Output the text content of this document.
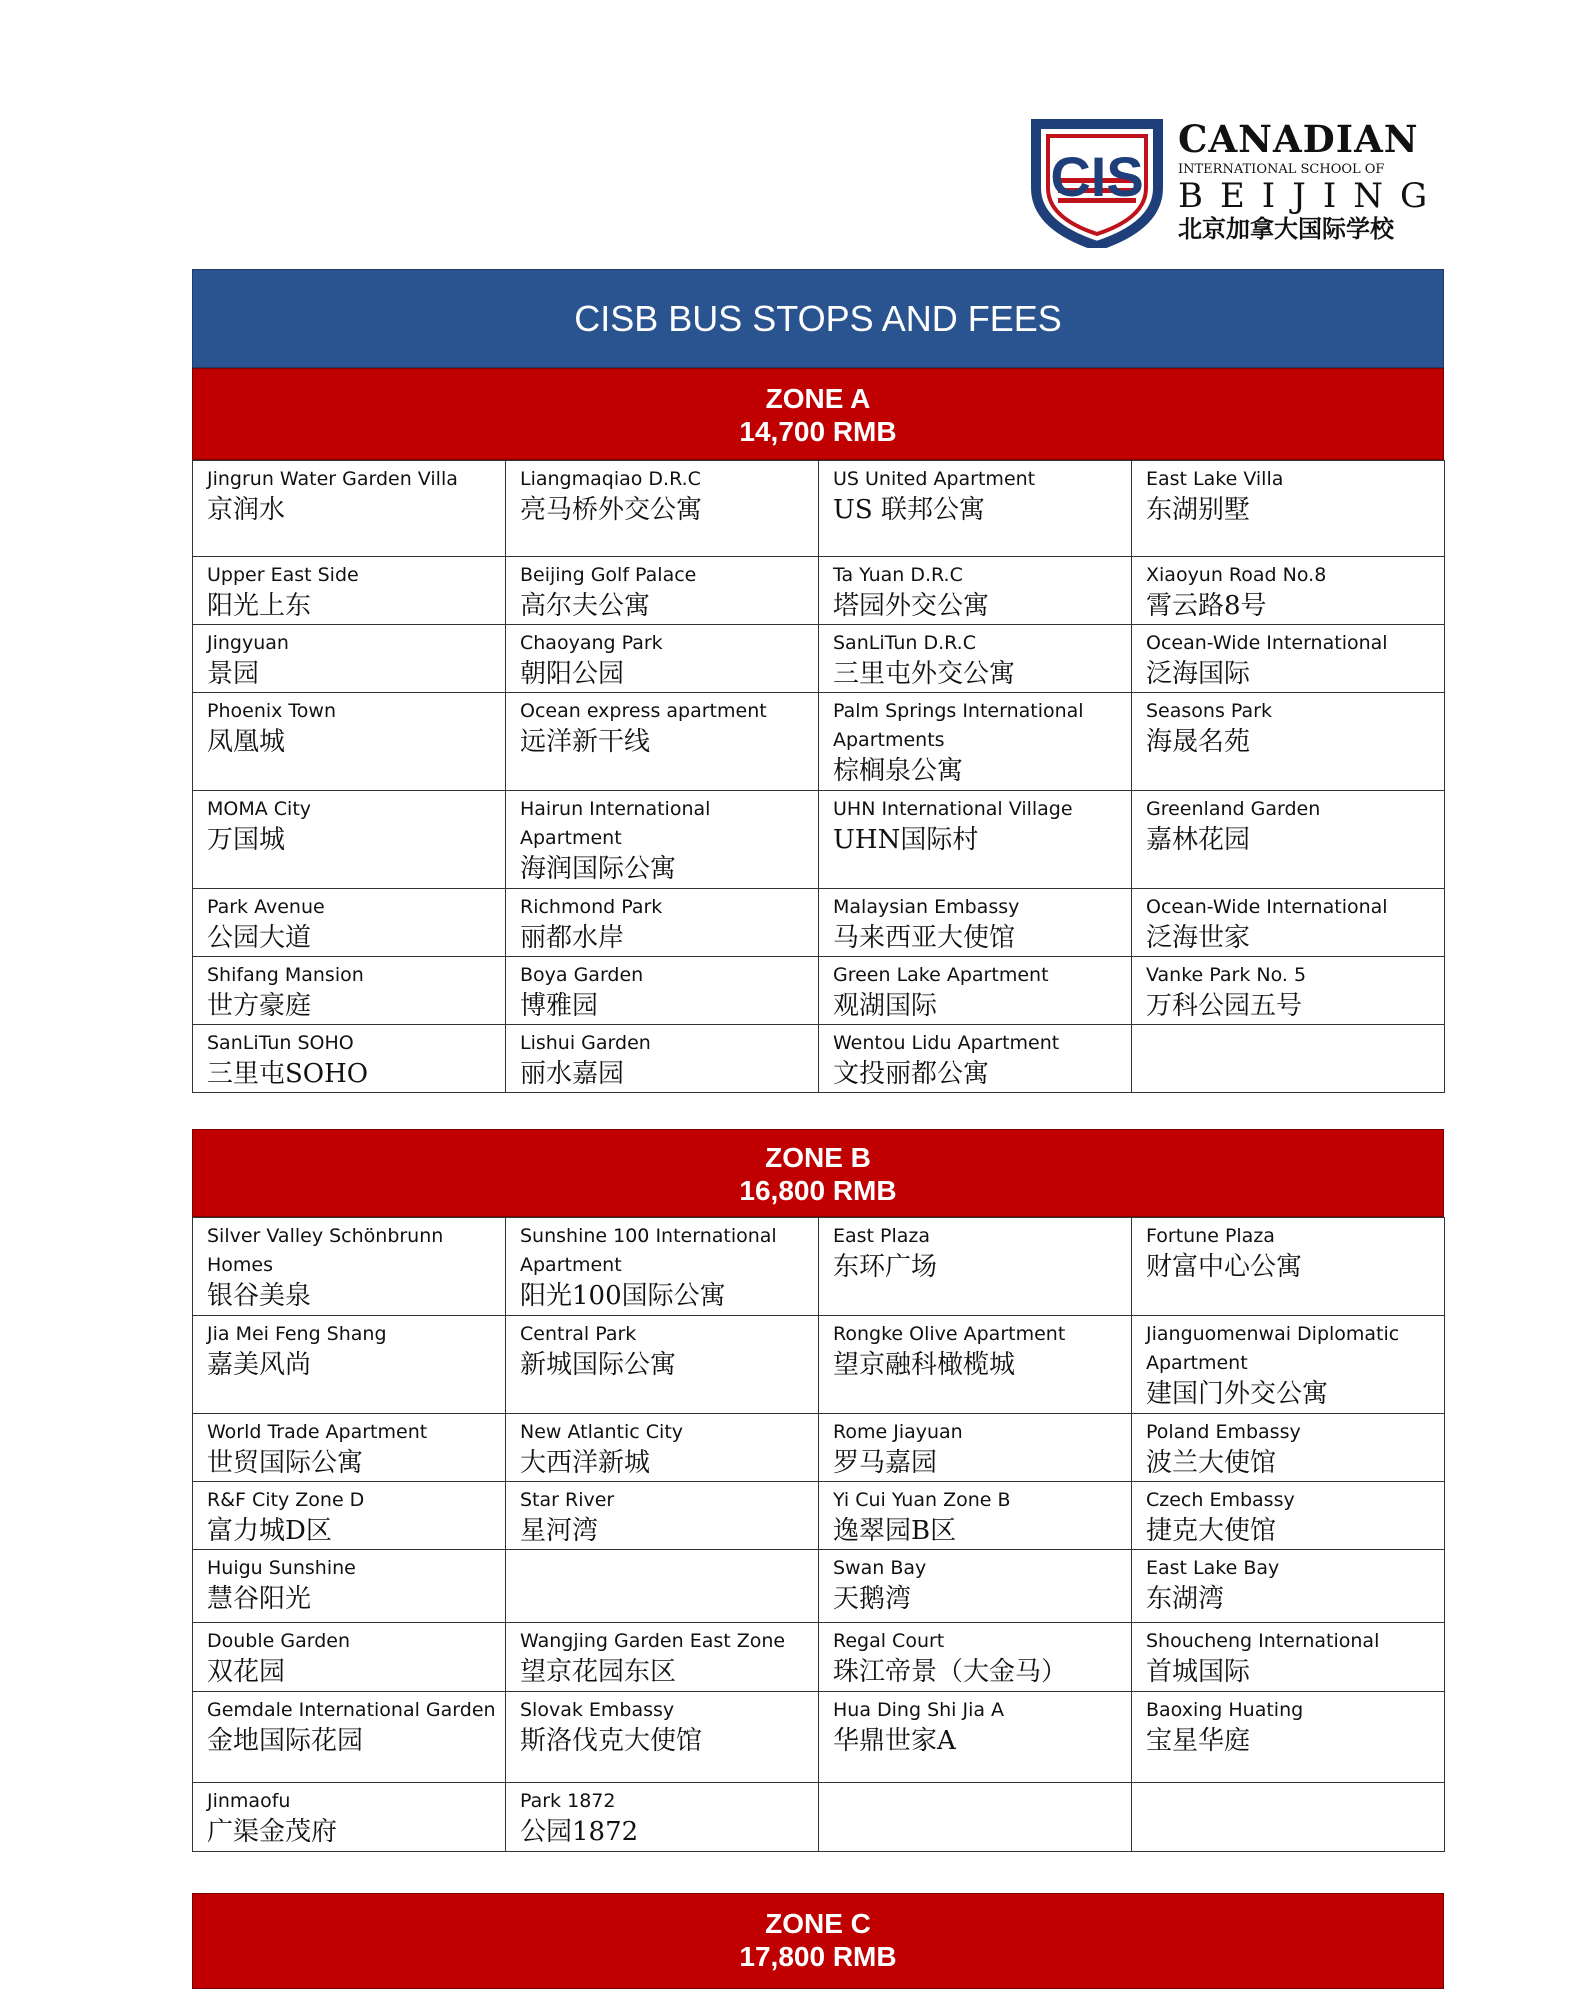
CIS
CANADIAN
INTERNATIONAL SCHOOL OF
BEIJING
北京加拿大国际学校
CISB BUS STOPS AND FEES
ZONE A
14,700 RMB
Jingrun Water Garden Villa
京润水	Liangmaqiao D.R.C
亮马桥外交公寓	US United Apartment
US 联邦公寓	East Lake Villa
东湖别墅

Upper East Side
阳光上东	Beijing Golf Palace
高尔夫公寓	Ta Yuan D.R.C
塔园外交公寓	Xiaoyun Road No.8
霄云路8号

Jingyuan
景园	Chaoyang Park
朝阳公园	SanLiTun D.R.C
三里屯外交公寓	Ocean-Wide International
泛海国际

Phoenix Town
凤凰城	Ocean express apartment
远洋新干线	Palm Springs International Apartments
棕榈泉公寓	Seasons Park
海晟名苑

MOMA City
万国城	Hairun International Apartment
海润国际公寓	UHN International Village
UHN国际村	Greenland Garden
嘉林花园

Park Avenue
公园大道	Richmond Park
丽都水岸	Malaysian Embassy
马来西亚大使馆	Ocean-Wide International
泛海世家

Shifang Mansion
世方豪庭	Boya Garden
博雅园	Green Lake Apartment
观湖国际	Vanke Park No. 5
万科公园五号

SanLiTun SOHO
三里屯SOHO	Lishui Garden
丽水嘉园	Wentou Lidu Apartment
文投丽都公寓	

ZONE B
16,800 RMB
Silver Valley Schönbrunn Homes
银谷美泉	Sunshine 100 International Apartment
阳光100国际公寓	East Plaza
东环广场	Fortune Plaza
财富中心公寓

Jia Mei Feng Shang
嘉美风尚	Central Park
新城国际公寓	Rongke Olive Apartment
望京融科橄榄城	Jianguomenwai Diplomatic Apartment
建国门外交公寓

World Trade Apartment
世贸国际公寓	New Atlantic City
大西洋新城	Rome Jiayuan
罗马嘉园	Poland Embassy
波兰大使馆

R&F City Zone D
富力城D区	Star River
星河湾	Yi Cui Yuan Zone B
逸翠园B区	Czech Embassy
捷克大使馆

Huigu Sunshine
慧谷阳光		Swan Bay
天鹅湾	East Lake Bay
东湖湾

Double Garden
双花园	Wangjing Garden East Zone
望京花园东区	Regal Court
珠江帝景（大金马）	Shoucheng International
首城国际

Gemdale International Garden
金地国际花园	Slovak Embassy
斯洛伐克大使馆	Hua Ding Shi Jia A
华鼎世家A	Baoxing Huating
宝星华庭

Jinmaofu
广渠金茂府	Park 1872
公园1872		

ZONE C
17,800 RMB
